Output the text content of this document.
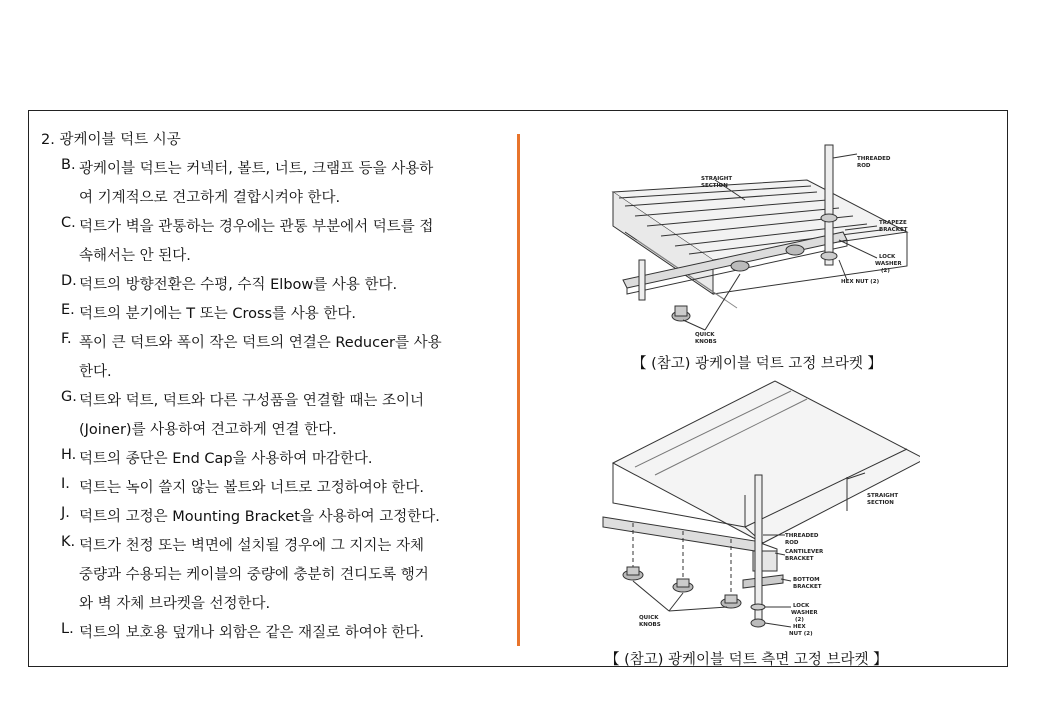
2. 광케이블 덕트 시공
B. 광케이블 덕트는 커넥터, 볼트, 너트, 크램프 등을 사용하
여 기계적으로 견고하게 결합시켜야 한다.
C. 덕트가 벽을 관통하는 경우에는 관통 부분에서 덕트를 접
속해서는 안 된다.
D. 덕트의 방향전환은 수평, 수직 Elbow를 사용 한다.
E. 덕트의 분기에는 T 또는 Cross를 사용 한다.
F. 폭이 큰 덕트와 폭이 작은 덕트의 연결은 Reducer를 사용
한다.
G. 덕트와 덕트, 덕트와 다른 구성품을 연결할 때는 조이너
(Joiner)를 사용하여 견고하게 연결 한다.
H. 덕트의 종단은 End Cap을 사용하여 마감한다.
I. 덕트는 녹이 쓸지 않는 볼트와 너트로 고정하여야 한다.
J. 덕트의 고정은 Mounting Bracket을 사용하여 고정한다.
K. 덕트가 천정 또는 벽면에 설치될 경우에 그 지지는 자체
중량과 수용되는 케이블의 중량에 충분히 견디도록 행거
와 벽 자체 브라켓을 선정한다.
L. 덕트의 보호용 덮개나 외함은 같은 재질로 하여야 한다.
THREADED
ROD
STRAIGHT
SECTION
TRAPEZE
BRACKET
LOCK
WASHER
(2)
HEX NUT (2)
QUICK
KNOBS
【 (참고) 광케이블 덕트 고정 브라켓 】
STRAIGHT
SECTION
THREADED
ROD
CANTILEVER
BRACKET
BOTTOM
BRACKET
LOCK
WASHER
(2)
HEX
NUT (2)
QUICK
KNOBS
【 (참고) 광케이블 덕트 측면 고정 브라켓 】
